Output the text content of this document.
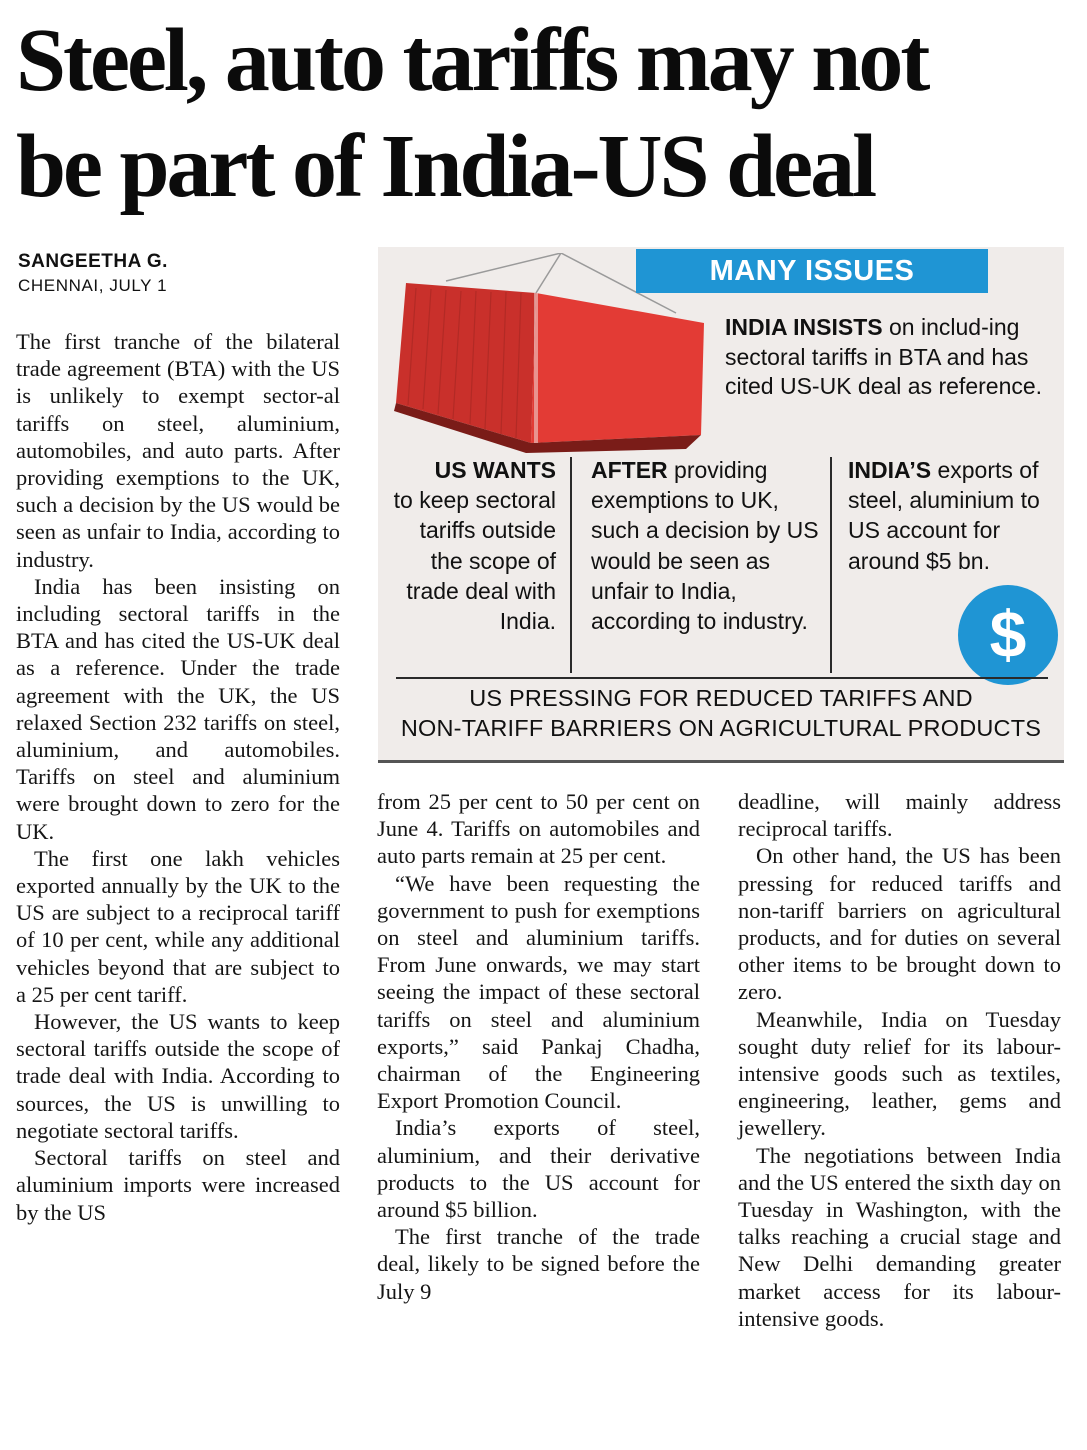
Steel, auto tariffs may not
be part of India-US deal
SANGEETHA G.
CHENNAI, JULY 1

The first tranche of the bilateral trade agreement (BTA) with the US is unlikely to exempt sector-al tariffs on steel, aluminium, automobiles, and auto parts. After providing exemptions to the UK, such a decision by the US would be seen as unfair to India, according to industry.

India has been insisting on including sectoral tariffs in the BTA and has cited the US-UK deal as a reference. Under the trade agreement with the UK, the US relaxed Section 232 tariffs on steel, aluminium, and automobiles. Tariffs on steel and aluminium were brought down to zero for the UK.

The first one lakh vehicles exported annually by the UK to the US are subject to a reciprocal tariff of 10 per cent, while any additional vehicles beyond that are subject to a 25 per cent tariff.

However, the US wants to keep sectoral tariffs outside the scope of trade deal with India. According to sources, the US is unwilling to negotiate sectoral tariffs.

Sectoral tariffs on steel and aluminium imports were increased by the US

MANY ISSUES
INDIA INSISTS on includ-ing sectoral tariffs in BTA and has cited US-UK deal as reference.
US WANTS
to keep sectoral tariffs outside the scope of trade deal with India.
AFTER providing exemptions to UK, such a decision by US would be seen as unfair to India, according to industry.
INDIA’S exports of steel, aluminium to US account for around $5 bn.
$
US PRESSING FOR REDUCED TARIFFS AND
NON-TARIFF BARRIERS ON AGRICULTURAL PRODUCTS

from 25 per cent to 50 per cent on June 4. Tariffs on automobiles and auto parts remain at 25 per cent.

“We have been requesting the government to push for exemptions on steel and aluminium tariffs. From June onwards, we may start seeing the impact of these sectoral tariffs on steel and aluminium exports,” said Pankaj Chadha, chairman of the Engineering Export Promotion Council.

India’s exports of steel, aluminium, and their derivative products to the US account for around $5 billion.

The first tranche of the trade deal, likely to be signed before the July 9

deadline, will mainly address reciprocal tariffs.

On other hand, the US has been pressing for reduced tariffs and non-tariff barriers on agricultural products, and for duties on several other items to be brought down to zero.

Meanwhile, India on Tuesday sought duty relief for its labour-intensive goods such as textiles, engineering, leather, gems and jewellery.

The negotiations between India and the US entered the sixth day on Tuesday in Washington, with the talks reaching a crucial stage and New Delhi demanding greater market access for its labour-intensive goods.
